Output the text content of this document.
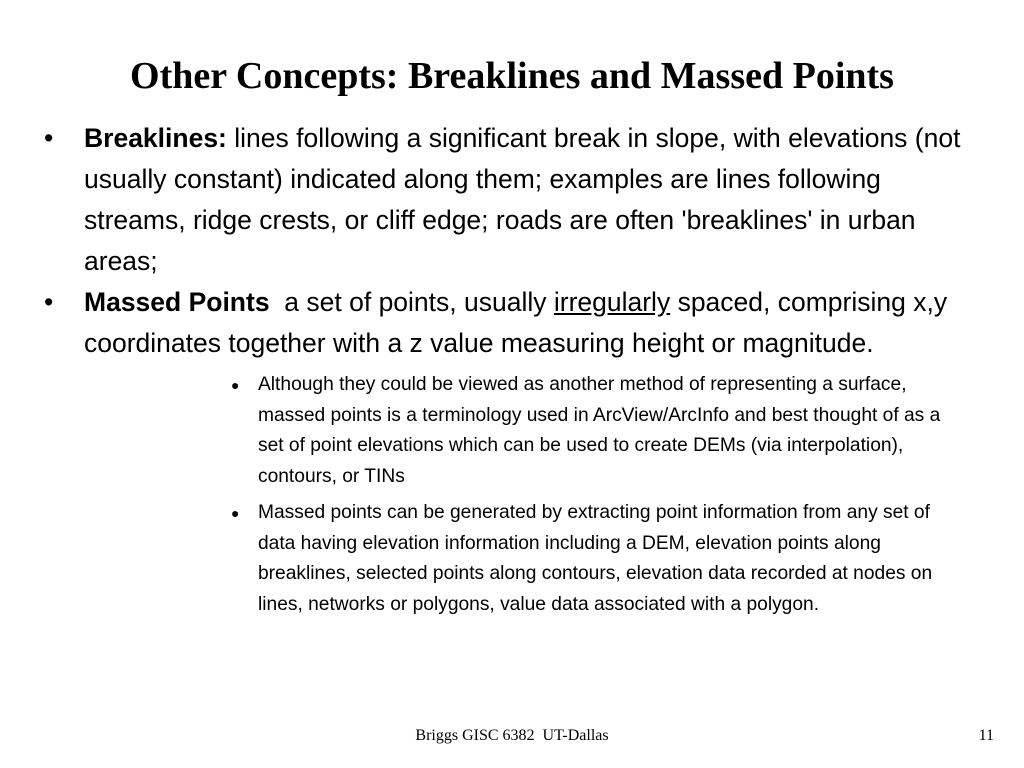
Other Concepts: Breaklines and Massed Points
• Breaklines: lines following a significant break in slope, with elevations (not usually constant) indicated along them; examples are lines following streams, ridge crests, or cliff edge; roads are often 'breaklines' in urban areas;
• Massed Points  a set of points, usually irregularly spaced, comprising x,y coordinates together with a z value measuring height or magnitude.
● Although they could be viewed as another method of representing a surface, massed points is a terminology used in ArcView/ArcInfo and best thought of as a set of point elevations which can be used to create DEMs (via interpolation), contours, or TINs
● Massed points can be generated by extracting point information from any set of data having elevation information including a DEM, elevation points along breaklines, selected points along contours, elevation data recorded at nodes on lines, networks or polygons, value data associated with a polygon.
Briggs GISC 6382  UT-Dallas	11
